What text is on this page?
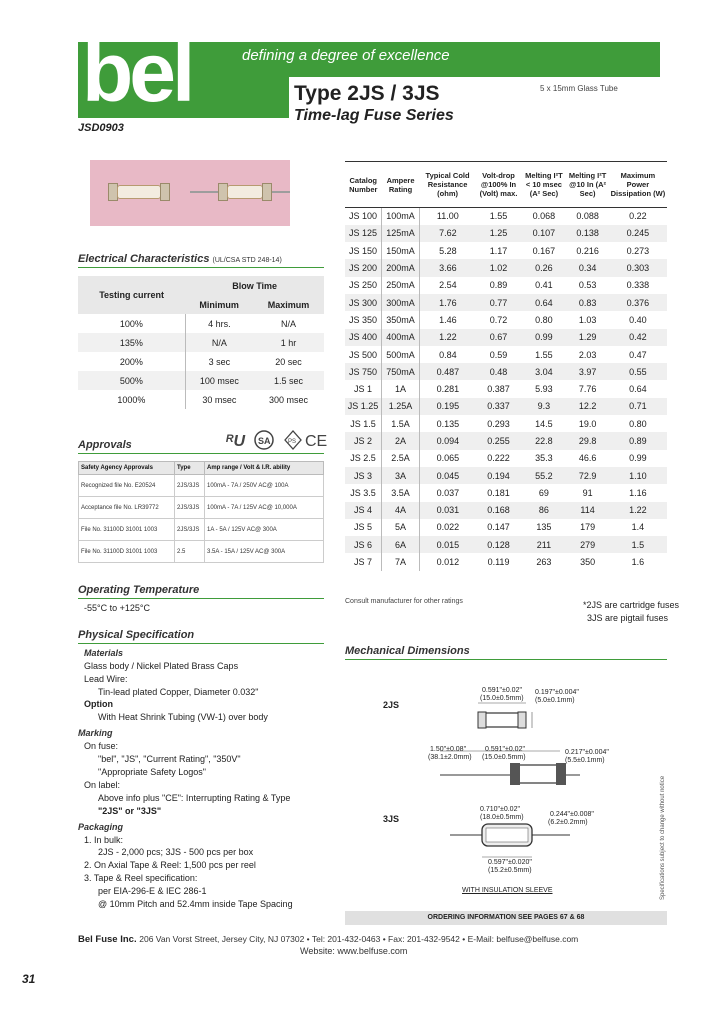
bel	defining a degree of excellence
Type 2JS / 3JS
Time-lag Fuse Series
5 x 15mm Glass Tube
JSD0903
Electrical Characteristics (UL/CSA STD 248-14)
Testing current	Blow Time	
	Minimum	Maximum
100%	4 hrs.	N/A
135%	N/A	1 hr
200%	3 sec	20 sec
500%	100 msec	1.5 sec
1000%	30 msec	300 msec
Approvals	ᴿU SA	PS CE
Safety Agency Approvals	Type	Amp range / Volt & I.R. ability
Recognized file No. E20524	2JS/3JS	100mA - 7A / 250V AC@ 100A
Acceptance file No. LR39772	2JS/3JS	100mA - 7A / 125V AC@ 10,000A
File No. 31100D 31001 1003	2JS/3JS	1A - 5A / 125V AC@ 300A
File No. 31100D 31001 1003	2.5	3.5A - 15A / 125V AC@ 300A
Operating Temperature
-55°C to +125°C
Physical Specification
Materials
Glass body / Nickel Plated Brass Caps
Lead Wire:
Tin-lead plated Copper, Diameter 0.032"
Option
With Heat Shrink Tubing (VW-1) over body
Marking
On fuse:
"bel", "JS", "Current Rating", "350V"
"Appropriate Safety Logos"
On label:
Above info plus "CE": Interrupting Rating & Type
"2JS" or "3JS"
Packaging
1. In bulk:
2JS - 2,000 pcs; 3JS - 500 pcs per box
2. On Axial Tape & Reel: 1,500 pcs per reel
3. Tape & Reel specification:
per EIA-296-E & IEC 286-1
@ 10mm Pitch and 52.4mm inside Tape Spacing
Catalog Number	Ampere Rating	Typical Cold Resistance (ohm)	Volt-drop @100% In (Volt) max.	Melting I²T < 10 msec (A² Sec)	Melting I²T @10 In (A² Sec)	Maximum Power Dissipation (W)
JS 100	100mA	11.00	1.55	0.068	0.088	0.22
JS 125	125mA	7.62	1.25	0.107	0.138	0.245
JS 150	150mA	5.28	1.17	0.167	0.216	0.273
JS 200	200mA	3.66	1.02	0.26	0.34	0.303
JS 250	250mA	2.54	0.89	0.41	0.53	0.338
JS 300	300mA	1.76	0.77	0.64	0.83	0.376
JS 350	350mA	1.46	0.72	0.80	1.03	0.40
JS 400	400mA	1.22	0.67	0.99	1.29	0.42
JS 500	500mA	0.84	0.59	1.55	2.03	0.47
JS 750	750mA	0.487	0.48	3.04	3.97	0.55
JS 1	1A	0.281	0.387	5.93	7.76	0.64
JS 1.25	1.25A	0.195	0.337	9.3	12.2	0.71
JS 1.5	1.5A	0.135	0.293	14.5	19.0	0.80
JS 2	2A	0.094	0.255	22.8	29.8	0.89
JS 2.5	2.5A	0.065	0.222	35.3	46.6	0.99
JS 3	3A	0.045	0.194	55.2	72.9	1.10
JS 3.5	3.5A	0.037	0.181	69	91	1.16
JS 4	4A	0.031	0.168	86	114	1.22
JS 5	5A	0.022	0.147	135	179	1.4
JS 6	6A	0.015	0.128	211	279	1.5
JS 7	7A	0.012	0.119	263	350	1.6
Consult manufacturer for other ratings	*2JS are cartridge fuses
3JS are pigtail fuses
Mechanical Dimensions
2JS
3JS
0.591"±0.02"
(15.0±0.5mm)
0.197"±0.004"
(5.0±0.1mm)
1.50"±0.08"
(38.1±2.0mm)
0.591"±0.02"
(15.0±0.5mm)
0.217"±0.004"
(5.5±0.1mm)
0.710"±0.02"
(18.0±0.5mm)	0.244"±0.008"
(6.2±0.2mm)
0.597"±0.020"
(15.2±0.5mm)
WITH INSULATION SLEEVE	Specifications subject to change without notice
ORDERING INFORMATION SEE PAGES 67 & 68
Bel Fuse Inc. 206 Van Vorst Street, Jersey City, NJ 07302 • Tel: 201-432-0463 • Fax: 201-432-9542 • E-Mail: belfuse@belfuse.com
Website: www.belfuse.com
31
